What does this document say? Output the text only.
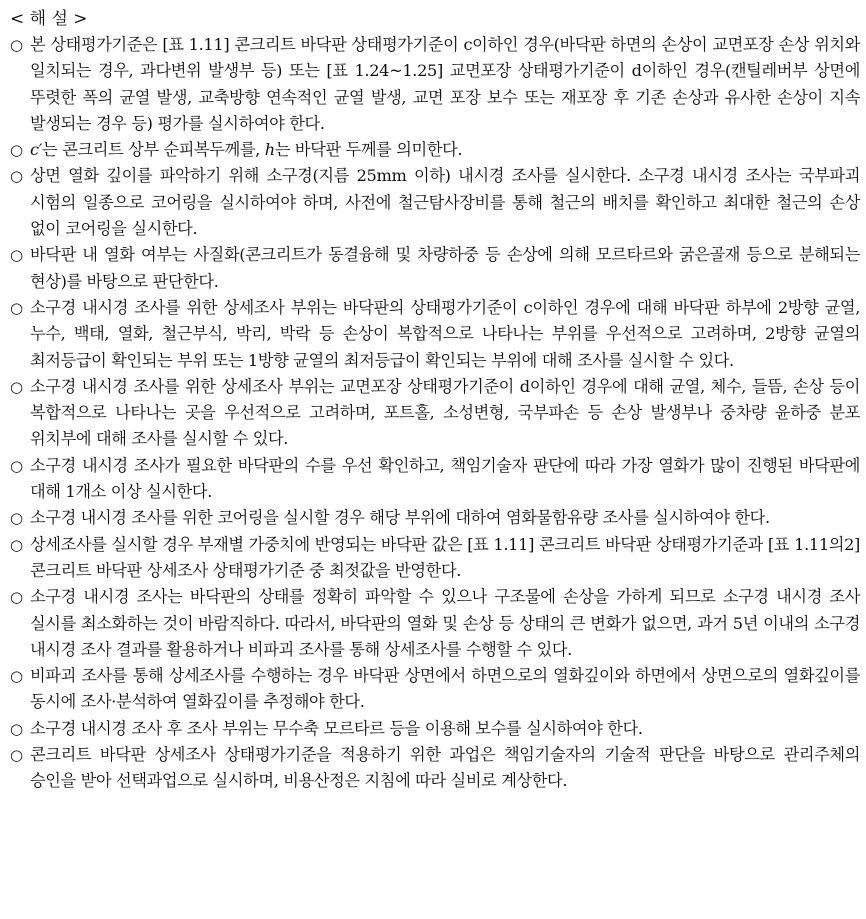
< 해 설 >
○ 본 상태평가기준은 [표 1.11] 콘크리트 바닥판 상태평가기준이 c이하인 경우(바닥판 하면의 손상이 교면포장 손상 위치와 일치되는 경우, 과다변위 발생부 등) 또는 [표 1.24~1.25] 교면포장 상태평가기준이 d이하인 경우(캔틸레버부 상면에 뚜렷한 폭의 균열 발생, 교축방향 연속적인 균열 발생, 교면 포장 보수 또는 재포장 후 기존 손상과 유사한 손상이 지속 발생되는 경우 등) 평가를 실시하여야 한다.
○ c′는 콘크리트 상부 순피복두께를, h는 바닥판 두께를 의미한다.
○ 상면 열화 깊이를 파악하기 위해 소구경(지름 25mm 이하) 내시경 조사를 실시한다. 소구경 내시경 조사는 국부파괴 시험의 일종으로 코어링을 실시하여야 하며, 사전에 철근탐사장비를 통해 철근의 배치를 확인하고 최대한 철근의 손상 없이 코어링을 실시한다.
○ 바닥판 내 열화 여부는 사질화(콘크리트가 동결융해 및 차량하중 등 손상에 의해 모르타르와 굵은골재 등으로 분해되는 현상)를 바탕으로 판단한다.
○ 소구경 내시경 조사를 위한 상세조사 부위는 바닥판의 상태평가기준이 c이하인 경우에 대해 바닥판 하부에 2방향 균열, 누수, 백태, 열화, 철근부식, 박리, 박락 등 손상이 복합적으로 나타나는 부위를 우선적으로 고려하며, 2방향 균열의 최저등급이 확인되는 부위 또는 1방향 균열의 최저등급이 확인되는 부위에 대해 조사를 실시할 수 있다.
○ 소구경 내시경 조사를 위한 상세조사 부위는 교면포장 상태평가기준이 d이하인 경우에 대해 균열, 체수, 들뜸, 손상 등이 복합적으로 나타나는 곳을 우선적으로 고려하며, 포트홀, 소성변형, 국부파손 등 손상 발생부나 중차량 윤하중 분포 위치부에 대해 조사를 실시할 수 있다.
○ 소구경 내시경 조사가 필요한 바닥판의 수를 우선 확인하고, 책임기술자 판단에 따라 가장 열화가 많이 진행된 바닥판에 대해 1개소 이상 실시한다.
○ 소구경 내시경 조사를 위한 코어링을 실시할 경우 해당 부위에 대하여 염화물함유량 조사를 실시하여야 한다.
○ 상세조사를 실시할 경우 부재별 가중치에 반영되는 바닥판 값은 [표 1.11] 콘크리트 바닥판 상태평가기준과 [표 1.11의2] 콘크리트 바닥판 상세조사 상태평가기준 중 최젓값을 반영한다.
○ 소구경 내시경 조사는 바닥판의 상태를 정확히 파악할 수 있으나 구조물에 손상을 가하게 되므로 소구경 내시경 조사 실시를 최소화하는 것이 바람직하다. 따라서, 바닥판의 열화 및 손상 등 상태의 큰 변화가 없으면, 과거 5년 이내의 소구경 내시경 조사 결과를 활용하거나 비파괴 조사를 통해 상세조사를 수행할 수 있다.
○ 비파괴 조사를 통해 상세조사를 수행하는 경우 바닥판 상면에서 하면으로의 열화깊이와 하면에서 상면으로의 열화깊이를 동시에 조사·분석하여 열화깊이를 추정해야 한다.
○ 소구경 내시경 조사 후 조사 부위는 무수축 모르타르 등을 이용해 보수를 실시하여야 한다.
○ 콘크리트 바닥판 상세조사 상태평가기준을 적용하기 위한 과업은 책임기술자의 기술적 판단을 바탕으로 관리주체의 승인을 받아 선택과업으로 실시하며, 비용산정은 지침에 따라 실비로 계상한다.
